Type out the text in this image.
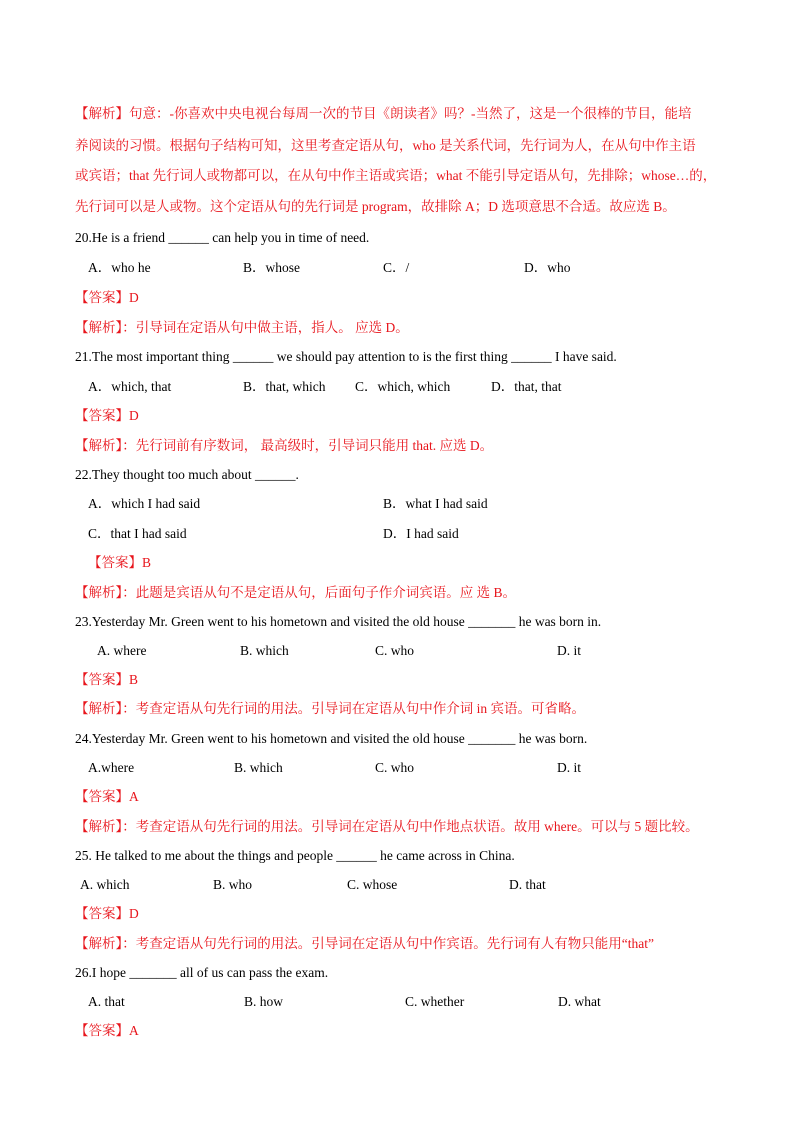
【解析】句意：-你喜欢中央电视台每周一次的节目《朗读者》吗？-当然了，这是一个很棒的节目，能培
养阅读的习惯。根据句子结构可知，这里考查定语从句，who 是关系代词，先行词为人，在从句中作主语
或宾语；that 先行词人或物都可以，在从句中作主语或宾语；what 不能引导定语从句，先排除；whose…的，
先行词可以是人或物。这个定语从句的先行词是 program，故排除 A；D 选项意思不合适。故应选 B。
20.He is a friend ______ can help you in time of need.
A．who he	B．whose	C．/	D．who
【答案】D
【解析】：引导词在定语从句中做主语，指人。 应选 D。
21.The most important thing ______ we should pay attention to is the first thing ______ I have said.
A．which, that	B．that, which C．which, which	D．that, that
【答案】D
【解析】：先行词前有序数词， 最高级时，引导词只能用 that. 应选 D。
22.They thought too much about ______.
A．which I had said	B．what I had said
C．that I had said	D．I had said
【答案】B
【解析】：此题是宾语从句不是定语从句，后面句子作介词宾语。应 选 B。
23.Yesterday Mr. Green went to his hometown and visited the old house _______ he was born in.
A. where	B. which	C. who	D. it
【答案】B
【解析】：考查定语从句先行词的用法。引导词在定语从句中作介词 in 宾语。可省略。
24.Yesterday Mr. Green went to his hometown and visited the old house _______ he was born.
A.where	B. which	C. who	D. it
【答案】A
【解析】：考查定语从句先行词的用法。引导词在定语从句中作地点状语。故用 where。可以与 5 题比较。
25. He talked to me about the things and people ______ he came across in China.
A. which	B. who	C. whose	D. that
【答案】D
【解析】：考查定语从句先行词的用法。引导词在定语从句中作宾语。先行词有人有物只能用“that”
26.I hope _______ all of us can pass the exam.
A. that	B. how	C. whether	D. what
【答案】A
